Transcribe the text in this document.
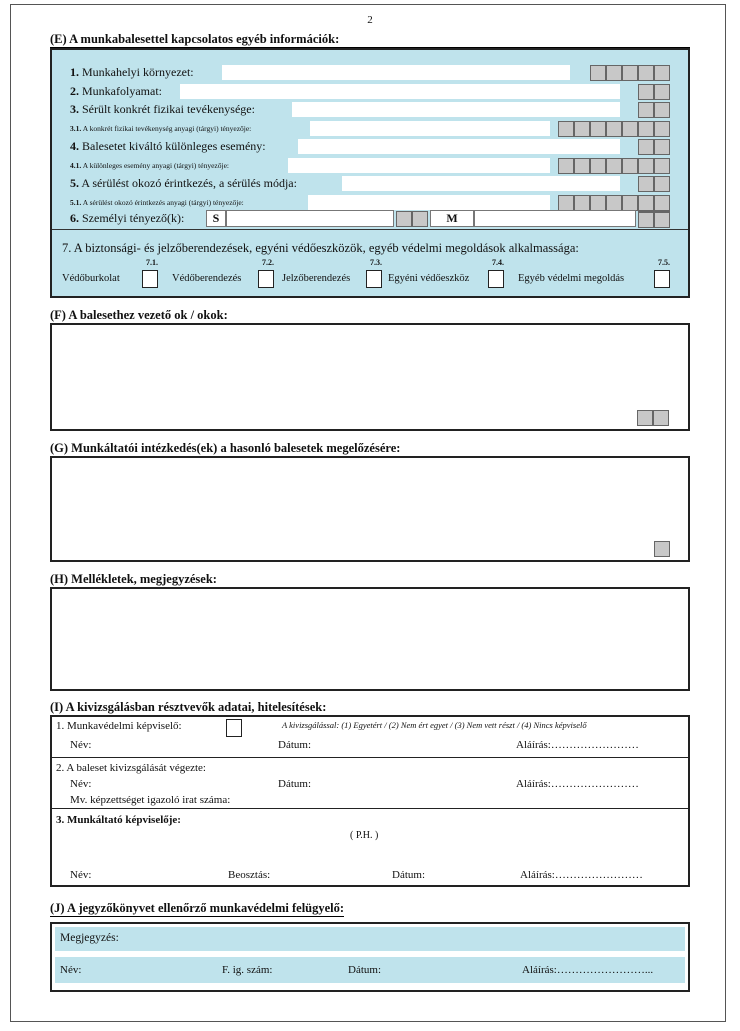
2
(E) A munkabalesettel kapcsolatos egyéb információk:
1. Munkahelyi környezet:
2. Munkafolyamat:
3. Sérült konkrét fizikai tevékenysége:
3.1. A konkrét fizikai tevékenység anyagi (tárgyi) tényezője:
4. Balesetet kiváltó különleges esemény:
4.1. A különleges esemény anyagi (tárgyi) tényezője:
5. A sérülést okozó érintkezés, a sérülés módja:
5.1. A sérülést okozó érintkezés anyagi (tárgyi) tényezője:
6. Személyi tényező(k):	S	M
7. A biztonsági- és jelzőberendezések, egyéni védőeszközök, egyéb védelmi megoldások alkalmassága:
7.1.
Védőburkolat
7.2.
Védőberendezés
7.3.
Jelzőberendezés
7.4.
Egyéni védőeszköz
7.5.
Egyéb védelmi megoldás
(F) A balesethez vezető ok / okok:
(G) Munkáltatói intézkedés(ek) a hasonló balesetek megelőzésére:
(H) Mellékletek, megjegyzések:
(I) A kivizsgálásban résztvevők adatai, hitelesítések:
1. Munkavédelmi képviselő:	A kivizsgálással: (1) Egyetért / (2) Nem ért egyet / (3) Nem vett részt / (4) Nincs képviselő
Név:	Dátum:	Aláírás:……………………
2. A baleset kivizsgálását végezte:
Név:	Dátum:	Aláírás:……………………
Mv. képzettséget igazoló irat száma:
3. Munkáltató képviselője:
( P.H. )
Név:	Beosztás:	Dátum:	Aláírás:……………………
(J) A jegyzőkönyvet ellenőrző munkavédelmi felügyelő:
Megjegyzés:
Név:	F. ig. szám:	Dátum:	Aláírás:……………………...
